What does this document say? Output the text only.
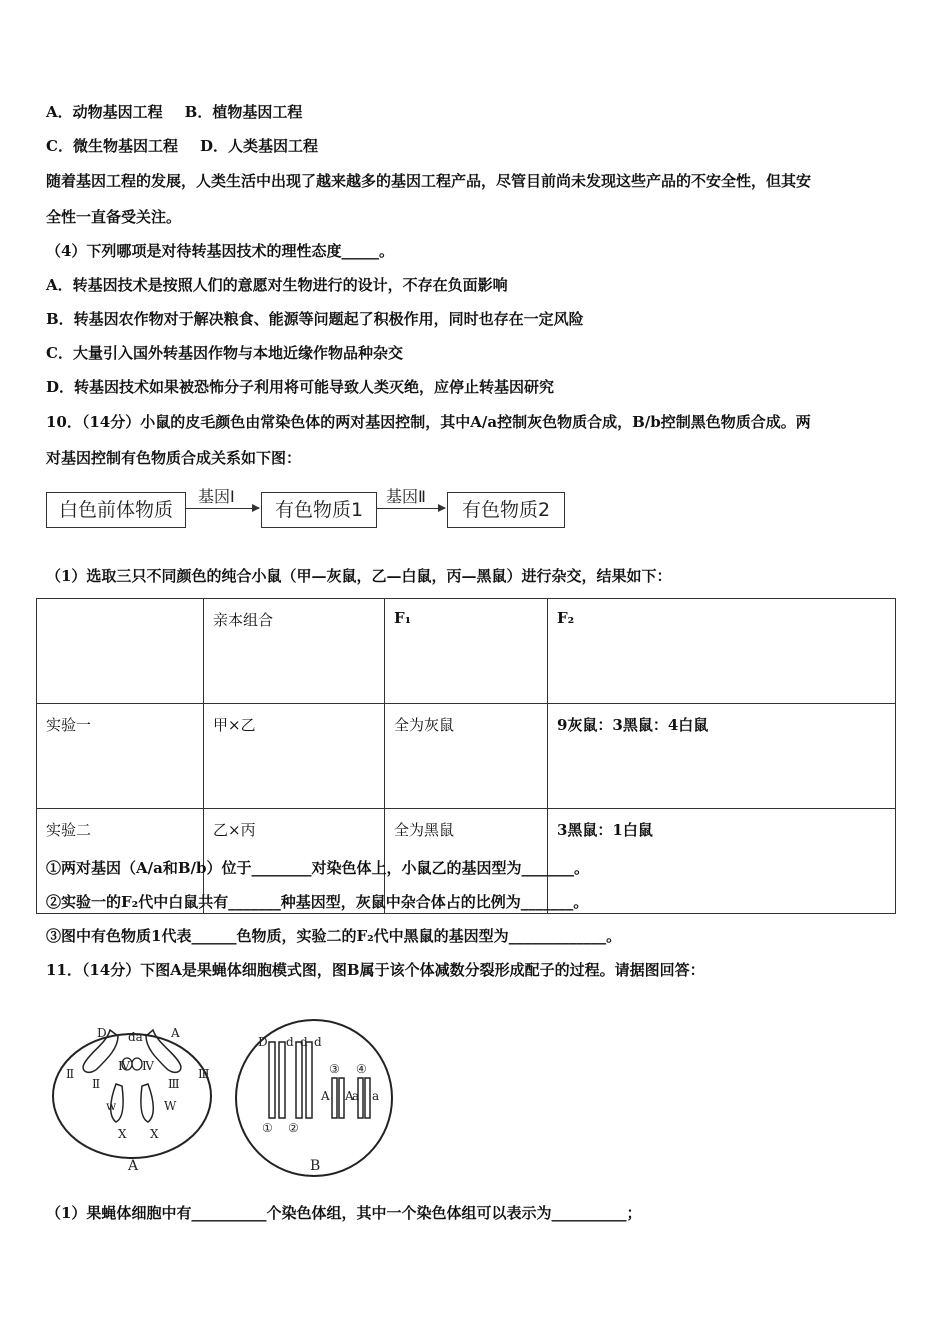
A．动物基因工程 B．植物基因工程
C．微生物基因工程 D．人类基因工程
随着基因工程的发展，人类生活中出现了越来越多的基因工程产品，尽管目前尚未发现这些产品的不安全性，但其安
全性一直备受关注。
（4）下列哪项是对待转基因技术的理性态度_____。
A．转基因技术是按照人们的意愿对生物进行的设计，不存在负面影响
B．转基因农作物对于解决粮食、能源等问题起了积极作用，同时也存在一定风险
C．大量引入国外转基因作物与本地近缘作物品种杂交
D．转基因技术如果被恐怖分子利用将可能导致人类灭绝，应停止转基因研究
10．（14分）小鼠的皮毛颜色由常染色体的两对基因控制，其中A/a控制灰色物质合成，B/b控制黑色物质合成。两
对基因控制有色物质合成关系如下图：
白色前体物质
基因Ⅰ
有色物质1
基因Ⅱ
有色物质2
（1）选取三只不同颜色的纯合小鼠（甲—灰鼠，乙—白鼠，丙—黑鼠）进行杂交，结果如下：
	亲本组合	F₁	F₂
实验一	甲×乙	全为灰鼠	9灰鼠：3黑鼠：4白鼠
实验二	乙×丙	全为黑鼠	3黑鼠：1白鼠
①两对基因（A/a和B/b）位于________对染色体上，小鼠乙的基因型为_______。
②实验一的F₂代中白鼠共有_______种基因型，灰鼠中杂合体占的比例为_______。
③图中有色物质1代表______色物质，实验二的F₂代中黑鼠的基因型为_____________。
11．（14分）下图A是果蝇体细胞模式图，图B属于该个体减数分裂形成配子的过程。请据图回答：
D da A
Ⅱ
Ⅱ
Ⅳ Ⅳ
Ⅲ
Ⅲ
w	W
X X
D d d d
③ ④
A A
a a
① ②
A	B
（1）果蝇体细胞中有__________个染色体组，其中一个染色体组可以表示为__________；
